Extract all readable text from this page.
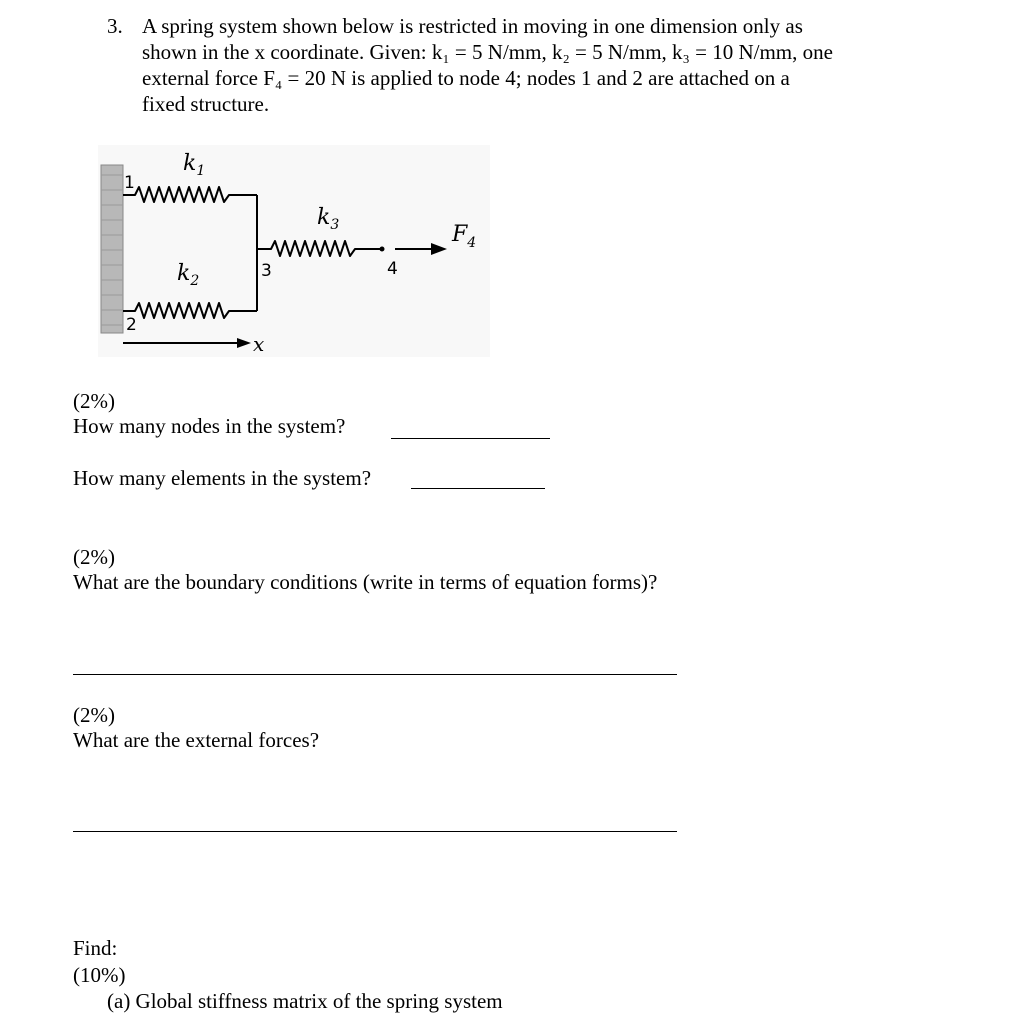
3. A spring system shown below is restricted in moving in one dimension only as
shown in the x coordinate. Given: k₁ = 5 N/mm, k₂ = 5 N/mm, k₃ = 10 N/mm, one
external force F₄ = 20 N is applied to node 4; nodes 1 and 2 are attached on a
fixed structure.
1
2
3	4
$k_1$
$k_2$
$k_3$	$F_4$
x
(2%)
How many nodes in the system?
How many elements in the system?
(2%)
What are the boundary conditions (write in terms of equation forms)?
(2%)
What are the external forces?
Find:
(10%)
(a) Global stiffness matrix of the spring system
